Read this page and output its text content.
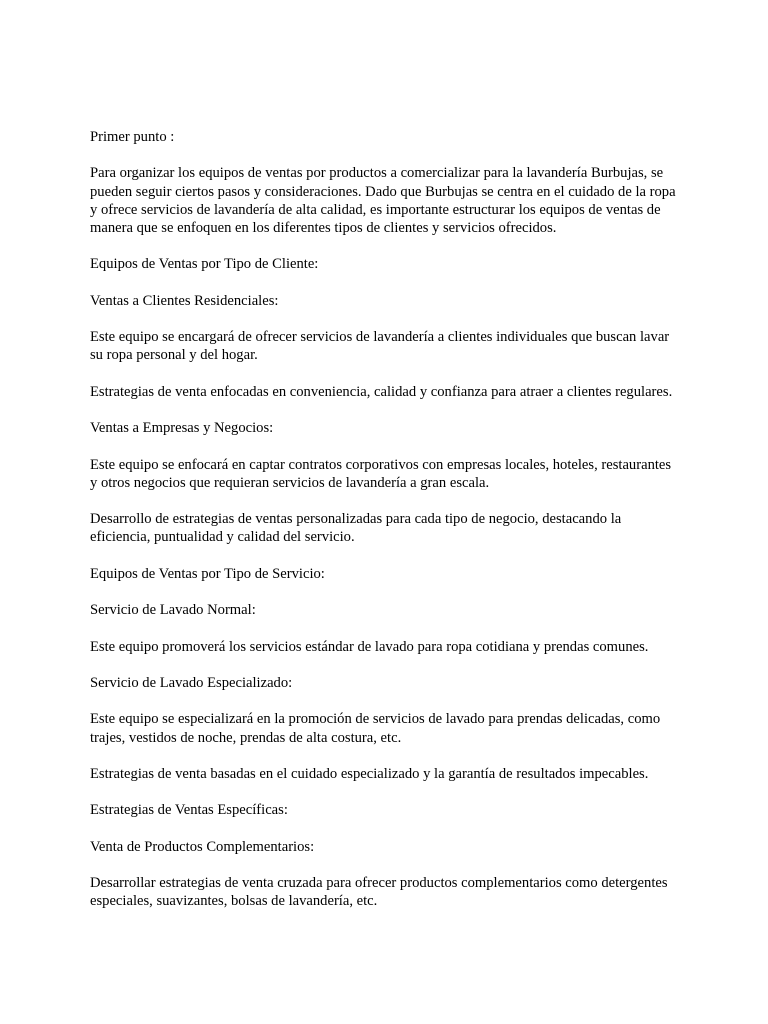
Primer punto :

Para organizar los equipos de ventas por productos a comercializar para la lavandería Burbujas, se pueden seguir ciertos pasos y consideraciones. Dado que Burbujas se centra en el cuidado de la ropa y ofrece servicios de lavandería de alta calidad, es importante estructurar los equipos de ventas de manera que se enfoquen en los diferentes tipos de clientes y servicios ofrecidos.

Equipos de Ventas por Tipo de Cliente:

Ventas a Clientes Residenciales:

Este equipo se encargará de ofrecer servicios de lavandería a clientes individuales que buscan lavar su ropa personal y del hogar.

Estrategias de venta enfocadas en conveniencia, calidad y confianza para atraer a clientes regulares.

Ventas a Empresas y Negocios:

Este equipo se enfocará en captar contratos corporativos con empresas locales, hoteles, restaurantes y otros negocios que requieran servicios de lavandería a gran escala.

Desarrollo de estrategias de ventas personalizadas para cada tipo de negocio, destacando la eficiencia, puntualidad y calidad del servicio.

Equipos de Ventas por Tipo de Servicio:

Servicio de Lavado Normal:

Este equipo promoverá los servicios estándar de lavado para ropa cotidiana y prendas comunes.

Servicio de Lavado Especializado:

Este equipo se especializará en la promoción de servicios de lavado para prendas delicadas, como trajes, vestidos de noche, prendas de alta costura, etc.

Estrategias de venta basadas en el cuidado especializado y la garantía de resultados impecables.

Estrategias de Ventas Específicas:

Venta de Productos Complementarios:

Desarrollar estrategias de venta cruzada para ofrecer productos complementarios como detergentes especiales, suavizantes, bolsas de lavandería, etc.
